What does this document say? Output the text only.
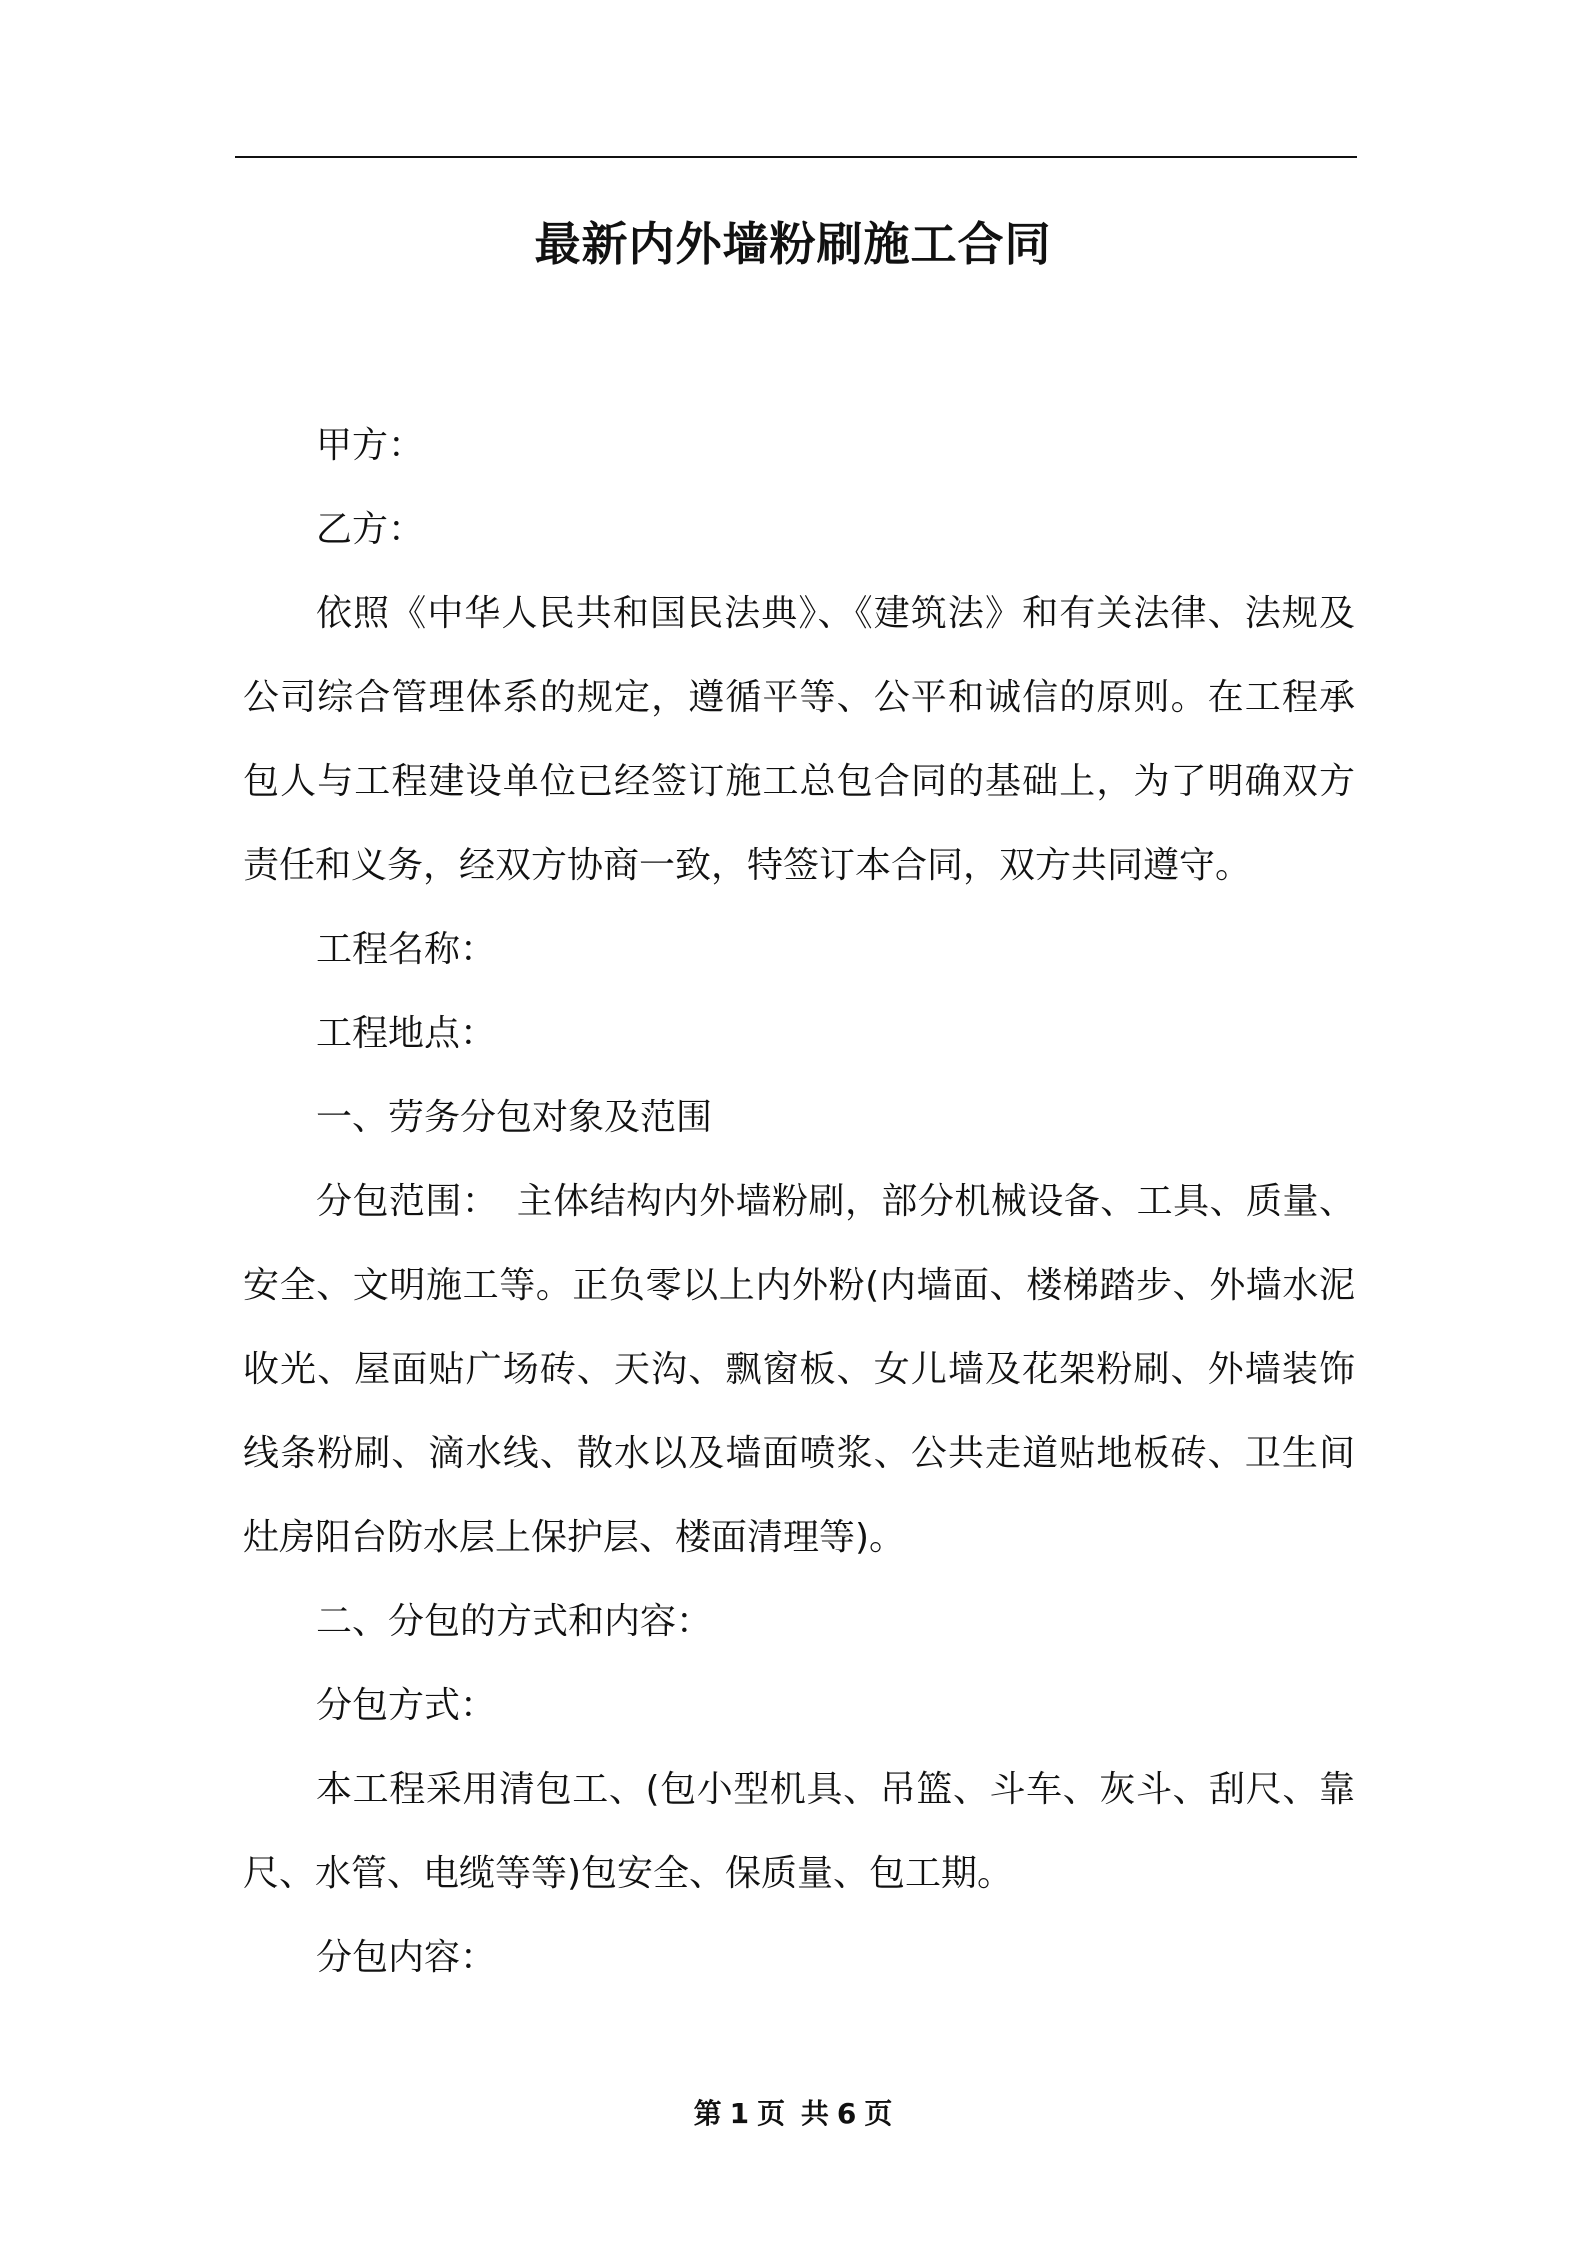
最新内外墙粉刷施工合同

甲方：

乙方：

依照《中华人民共和国民法典》、《建筑法》和有关法律、法规及公司综合管理体系的规定，遵循平等、公平和诚信的原则。在工程承包人与工程建设单位已经签订施工总包合同的基础上，为了明确双方责任和义务，经双方协商一致，特签订本合同，双方共同遵守。

工程名称：

工程地点：

一、劳务分包对象及范围

分包范围：　主体结构内外墙粉刷，部分机械设备、工具、质量、安全、文明施工等。正负零以上内外粉(内墙面、楼梯踏步、外墙水泥收光、屋面贴广场砖、天沟、飘窗板、女儿墙及花架粉刷、外墙装饰线条粉刷、滴水线、散水以及墙面喷浆、公共走道贴地板砖、卫生间灶房阳台防水层上保护层、楼面清理等)。

二、分包的方式和内容：

分包方式：

本工程采用清包工、(包小型机具、吊篮、斗车、灰斗、刮尺、靠尺、水管、电缆等等)包安全、保质量、包工期。

分包内容：

第 1 页 共 6 页
